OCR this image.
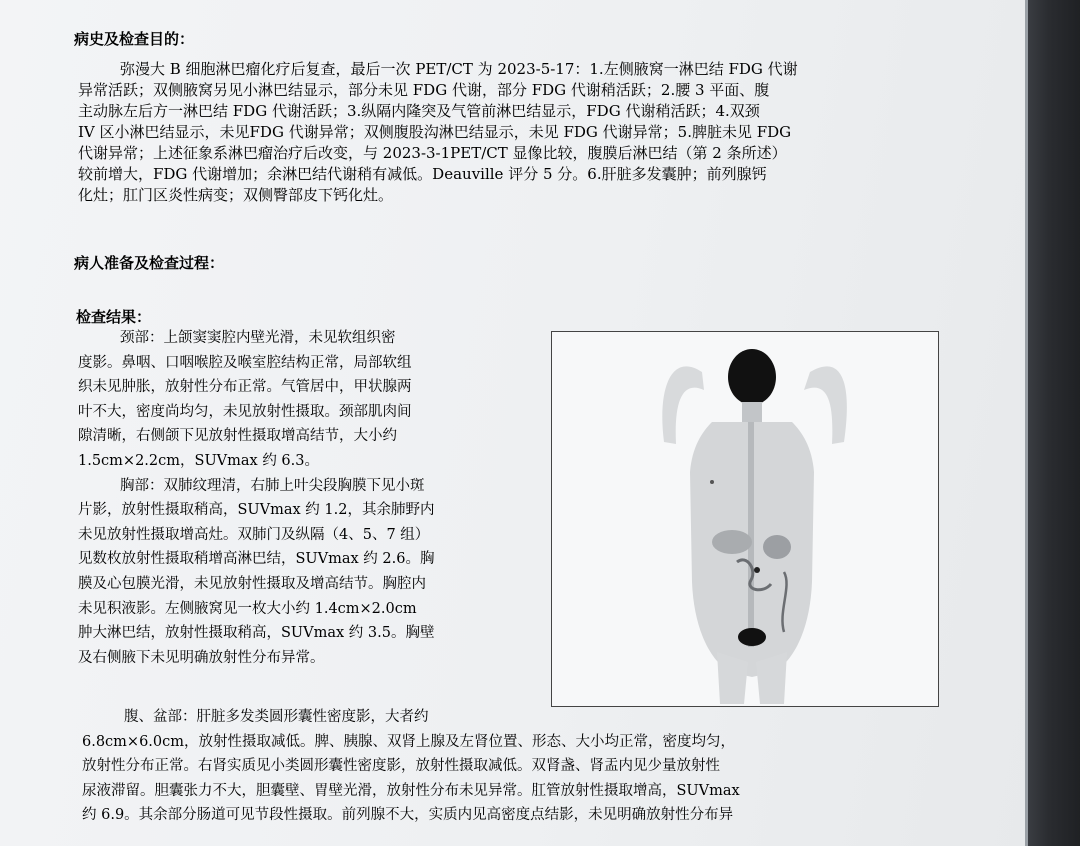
病史及检查目的：
弥漫大 B 细胞淋巴瘤化疗后复查，最后一次 PET/CT 为 2023-5-17：1.左侧腋窝一淋巴结 FDG 代谢
异常活跃；双侧腋窝另见小淋巴结显示，部分未见 FDG 代谢，部分 FDG 代谢稍活跃；2.腰 3 平面、腹
主动脉左后方一淋巴结 FDG 代谢活跃；3.纵隔内隆突及气管前淋巴结显示，FDG 代谢稍活跃；4.双颈
IV 区小淋巴结显示，未见FDG 代谢异常；双侧腹股沟淋巴结显示，未见 FDG 代谢异常；5.脾脏未见 FDG
代谢异常；上述征象系淋巴瘤治疗后改变，与 2023-3-1PET/CT 显像比较，腹膜后淋巴结（第 2 条所述）
较前增大，FDG 代谢增加；余淋巴结代谢稍有减低。Deauville 评分 5 分。6.肝脏多发囊肿；前列腺钙
化灶；肛门区炎性病变；双侧臀部皮下钙化灶。
病人准备及检查过程：
检查结果：
颈部：上颌窦窦腔内壁光滑，未见软组织密
度影。鼻咽、口咽喉腔及喉室腔结构正常，局部软组
织未见肿胀，放射性分布正常。气管居中，甲状腺两
叶不大，密度尚均匀，未见放射性摄取。颈部肌肉间
隙清晰，右侧颌下见放射性摄取增高结节，大小约
1.5cm×2.2cm，SUVmax 约 6.3。
胸部：双肺纹理清，右肺上叶尖段胸膜下见小斑
片影，放射性摄取稍高，SUVmax 约 1.2，其余肺野内
未见放射性摄取增高灶。双肺门及纵隔（4、5、7 组）
见数枚放射性摄取稍增高淋巴结，SUVmax 约 2.6。胸
膜及心包膜光滑，未见放射性摄取及增高结节。胸腔内
未见积液影。左侧腋窝见一枚大小约 1.4cm×2.0cm
肿大淋巴结，放射性摄取稍高，SUVmax 约 3.5。胸壁
及右侧腋下未见明确放射性分布异常。
腹、盆部：肝脏多发类圆形囊性密度影，大者约
6.8cm×6.0cm，放射性摄取减低。脾、胰腺、双肾上腺及左肾位置、形态、大小均正常，密度均匀，
放射性分布正常。右肾实质见小类圆形囊性密度影，放射性摄取减低。双肾盏、肾盂内见少量放射性
尿液滞留。胆囊张力不大，胆囊壁、胃壁光滑，放射性分布未见异常。肛管放射性摄取增高，SUVmax
约 6.9。其余部分肠道可见节段性摄取。前列腺不大，实质内见高密度点结影，未见明确放射性分布异
